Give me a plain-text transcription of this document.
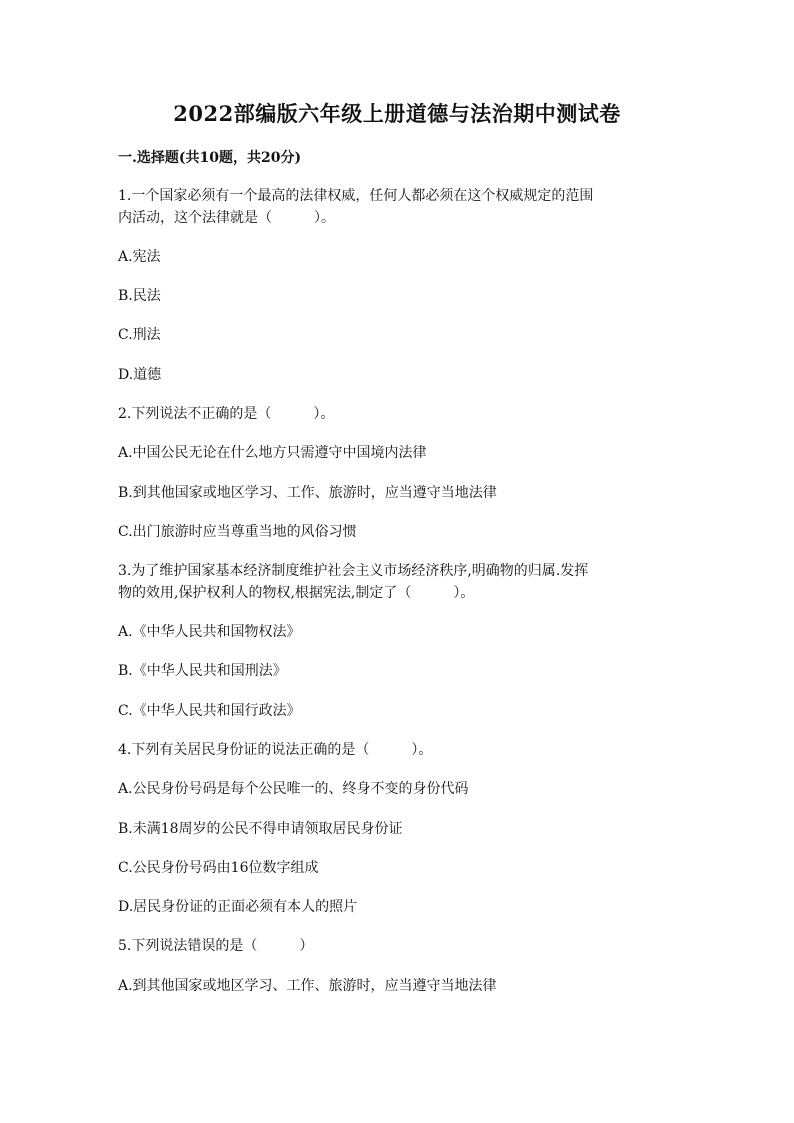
2022部编版六年级上册道德与法治期中测试卷
一.选择题(共10题，共20分)
1.一个国家必须有一个最高的法律权威，任何人都必须在这个权威规定的范围
内活动，这个法律就是（　　　）。
A.宪法
B.民法
C.刑法
D.道德
2.下列说法不正确的是（　　　）。
A.中国公民无论在什么地方只需遵守中国境内法律
B.到其他国家或地区学习、工作、旅游时，应当遵守当地法律
C.出门旅游时应当尊重当地的风俗习惯
3.为了维护国家基本经济制度维护社会主义市场经济秩序,明确物的归属.发挥
物的效用,保护权利人的物权,根据宪法,制定了（　　　）。
A.《中华人民共和国物权法》
B.《中华人民共和国刑法》
C.《中华人民共和国行政法》
4.下列有关居民身份证的说法正确的是（　　　）。
A.公民身份号码是每个公民唯一的、终身不变的身份代码
B.未满18周岁的公民不得申请领取居民身份证
C.公民身份号码由16位数字组成
D.居民身份证的正面必须有本人的照片
5.下列说法错误的是（　　　）
A.到其他国家或地区学习、工作、旅游时，应当遵守当地法律
